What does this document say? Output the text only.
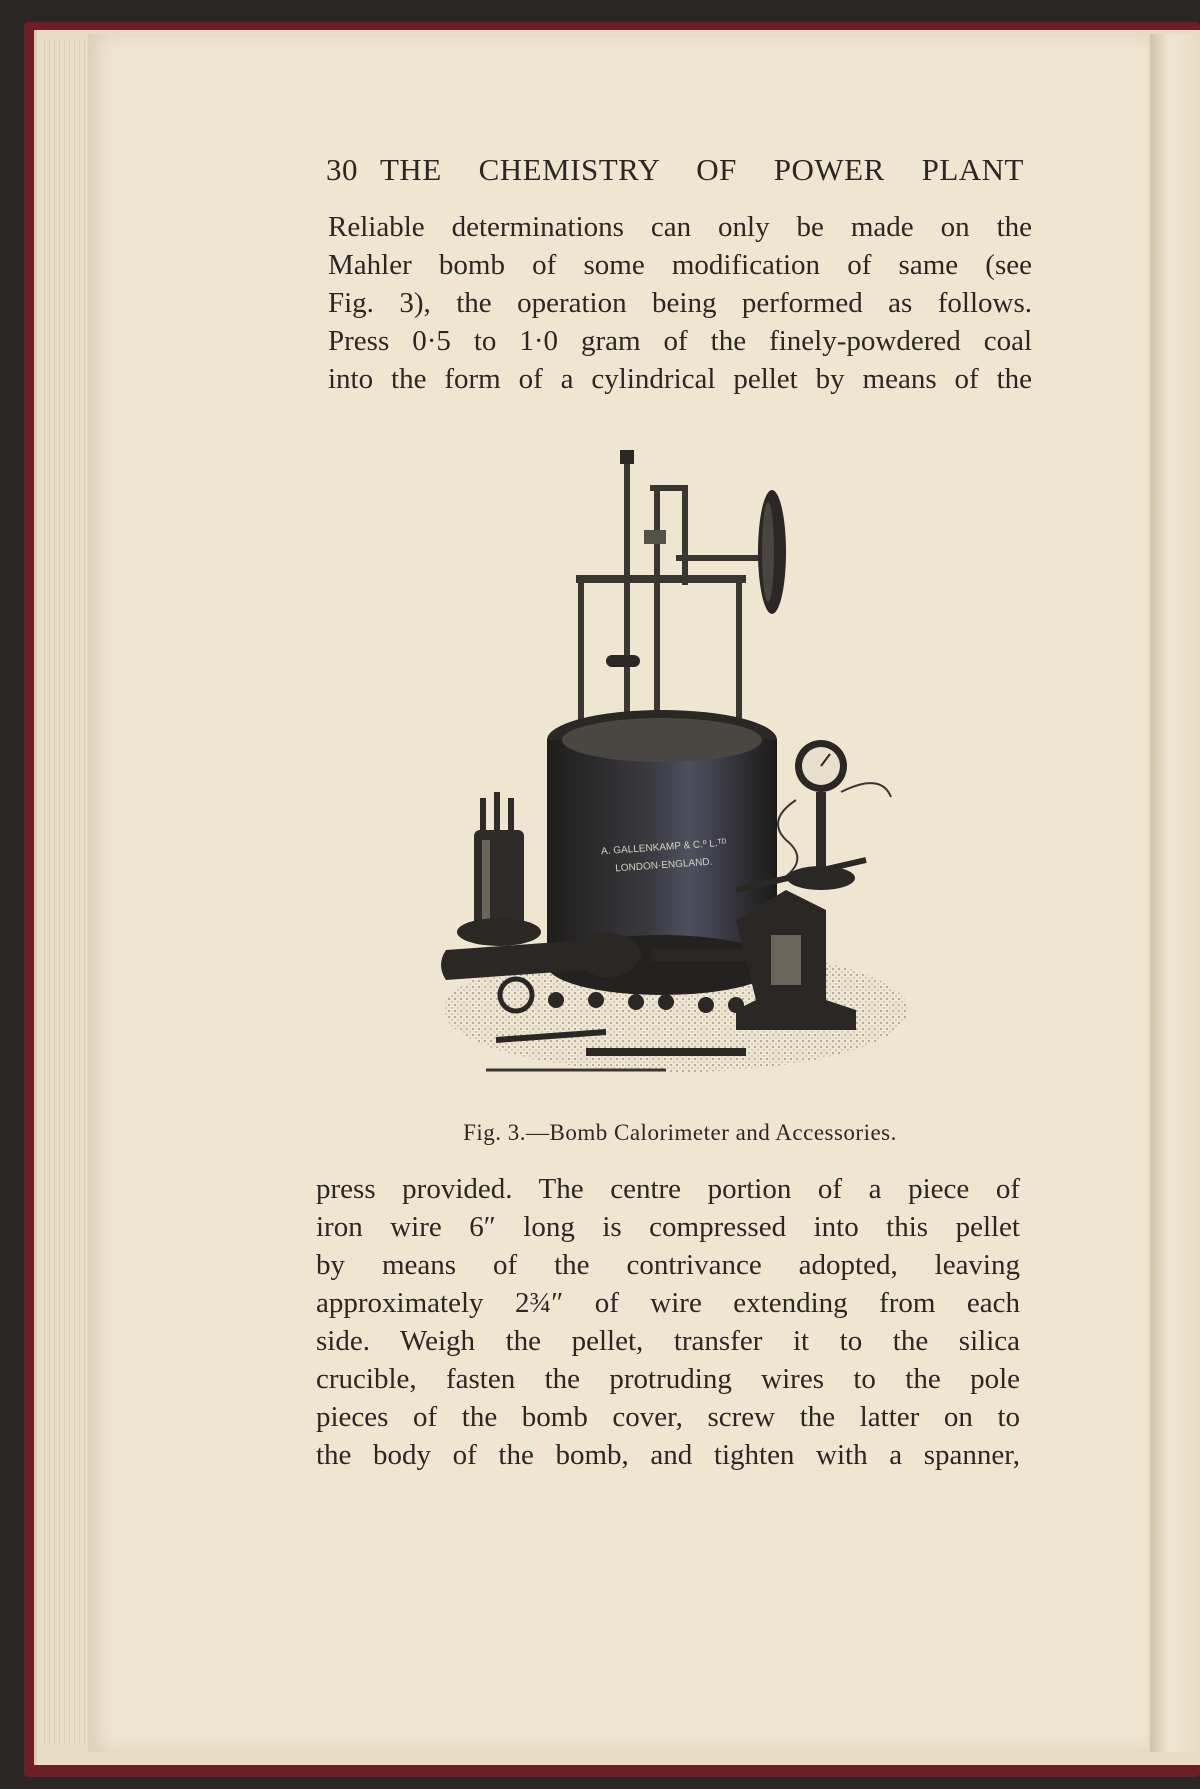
30 THE CHEMISTRY OF POWER PLANT
Reliable determinations can only be made on the
Mahler bomb of some modification of same (see
Fig. 3), the operation being performed as follows.
Press 0·5 to 1·0 gram of the finely-powdered coal
into the form of a cylindrical pellet by means of the
A. GALLENKAMP & C.º L.ᵀᴰ
LONDON·ENGLAND.
Fig. 3.—Bomb Calorimeter and Accessories.
press provided. The centre portion of a piece of
iron wire 6″ long is compressed into this pellet
by means of the contrivance adopted, leaving
approximately 2¾″ of wire extending from each
side. Weigh the pellet, transfer it to the silica
crucible, fasten the protruding wires to the pole
pieces of the bomb cover, screw the latter on to
the body of the bomb, and tighten with a spanner,
